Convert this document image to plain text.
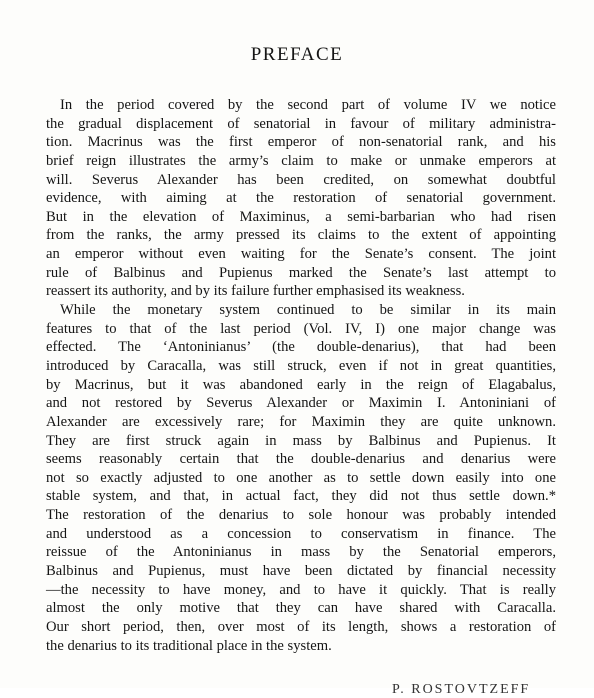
PREFACE
In the period covered by the second part of volume IV we notice
the gradual displacement of senatorial in favour of military administra-
tion. Macrinus was the first emperor of non-senatorial rank, and his
brief reign illustrates the army’s claim to make or unmake emperors at
will. Severus Alexander has been credited, on somewhat doubtful
evidence, with aiming at the restoration of senatorial government.
But in the elevation of Maximinus, a semi-barbarian who had risen
from the ranks, the army pressed its claims to the extent of appointing
an emperor without even waiting for the Senate’s consent. The joint
rule of Balbinus and Pupienus marked the Senate’s last attempt to
reassert its authority, and by its failure further emphasised its weakness.
While the monetary system continued to be similar in its main
features to that of the last period (Vol. IV, I) one major change was
effected. The ‘Antoninianus’ (the double-denarius), that had been
introduced by Caracalla, was still struck, even if not in great quantities,
by Macrinus, but it was abandoned early in the reign of Elagabalus,
and not restored by Severus Alexander or Maximin I. Antoniniani of
Alexander are excessively rare; for Maximin they are quite unknown.
They are first struck again in mass by Balbinus and Pupienus. It
seems reasonably certain that the double-denarius and denarius were
not so exactly adjusted to one another as to settle down easily into one
stable system, and that, in actual fact, they did not thus settle down.*
The restoration of the denarius to sole honour was probably intended
and understood as a concession to conservatism in finance. The
reissue of the Antoninianus in mass by the Senatorial emperors,
Balbinus and Pupienus, must have been dictated by financial necessity
—the necessity to have money, and to have it quickly. That is really
almost the only motive that they can have shared with Caracalla.
Our short period, then, over most of its length, shows a restoration of
the denarius to its traditional place in the system.
P. ROSTOVTZEFF
